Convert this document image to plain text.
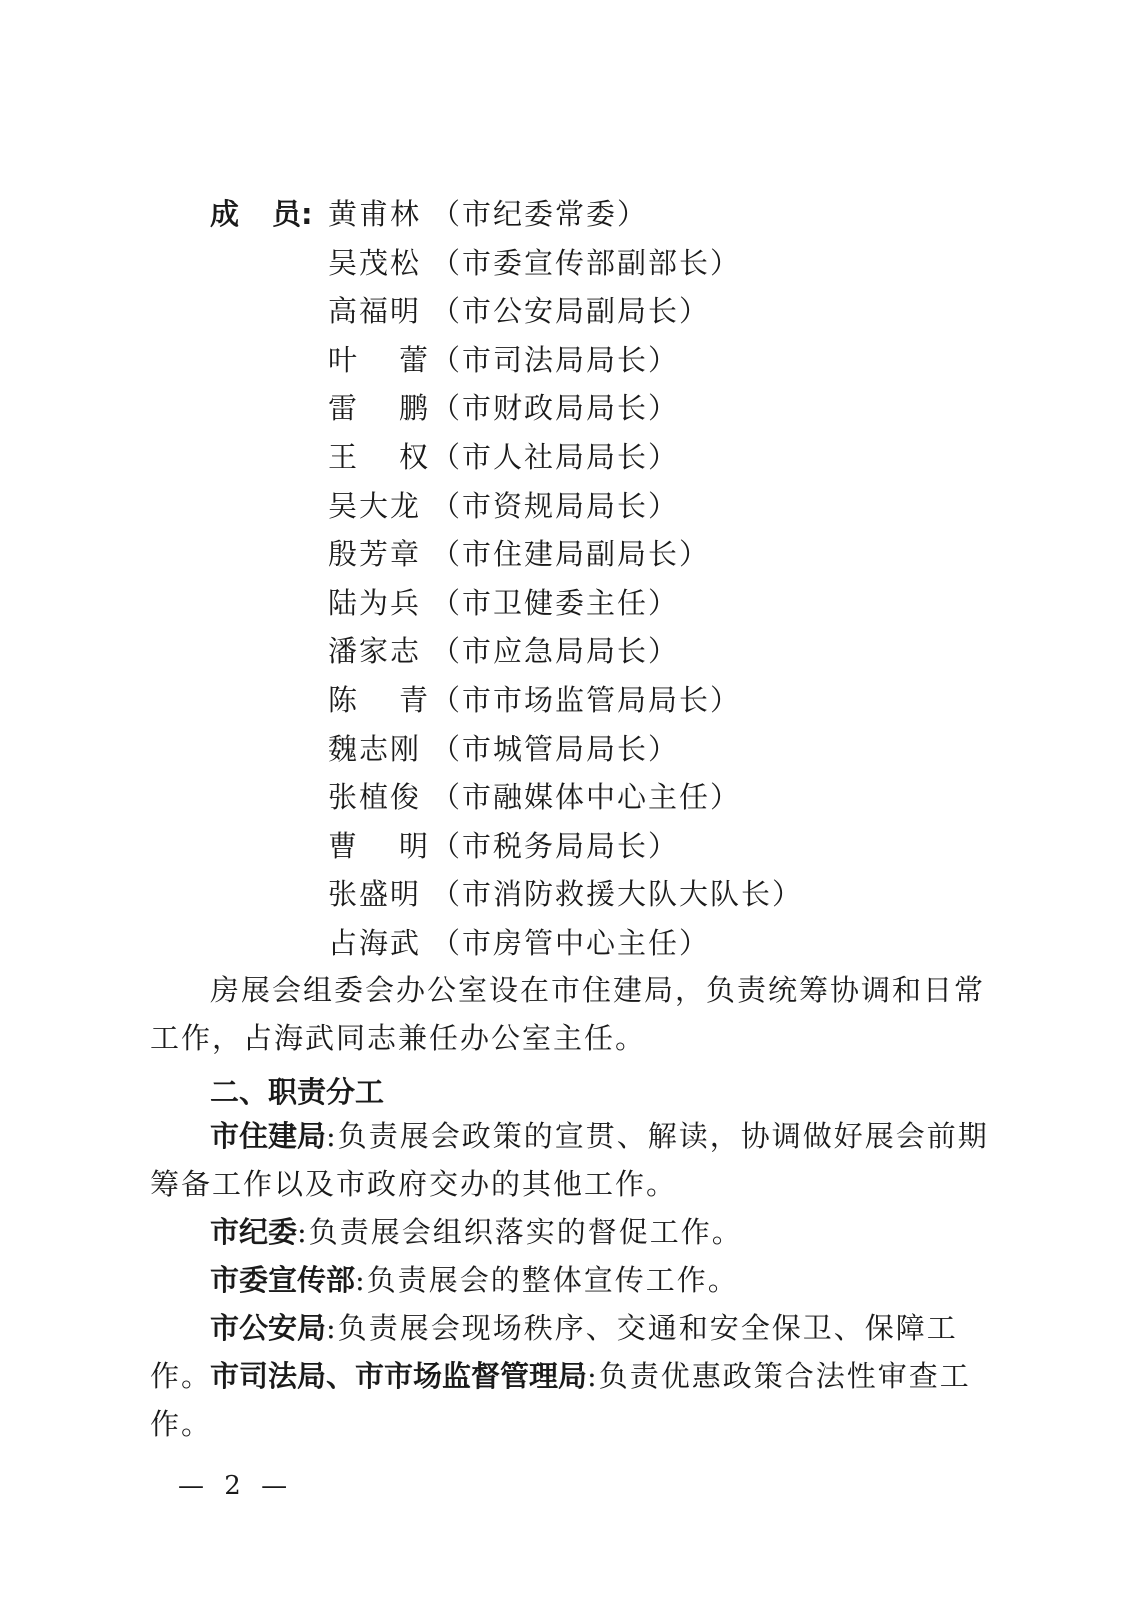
成 员: 黄甫林 （市纪委常委）
吴茂松 （市委宣传部副部长）
高福明 （市公安局副局长）
叶 蕾 （市司法局局长）
雷 鹏 （市财政局局长）
王 权 （市人社局局长）
吴大龙 （市资规局局长）
殷芳章 （市住建局副局长）
陆为兵 （市卫健委主任）
潘家志 （市应急局局长）
陈 青 （市市场监管局局长）
魏志刚 （市城管局局长）
张植俊 （市融媒体中心主任）
曹 明 （市税务局局长）
张盛明 （市消防救援大队大队长）
占海武 （市房管中心主任）
房展会组委会办公室设在市住建局，负责统筹协调和日常工作，占海武同志兼任办公室主任。
二、职责分工
市住建局:负责展会政策的宣贯、解读，协调做好展会前期筹备工作以及市政府交办的其他工作。
市纪委:负责展会组织落实的督促工作。
市委宣传部:负责展会的整体宣传工作。
市公安局:负责展会现场秩序、交通和安全保卫、保障工作。
市司法局、市市场监督管理局:负责优惠政策合法性审查工作。
— 2 —
